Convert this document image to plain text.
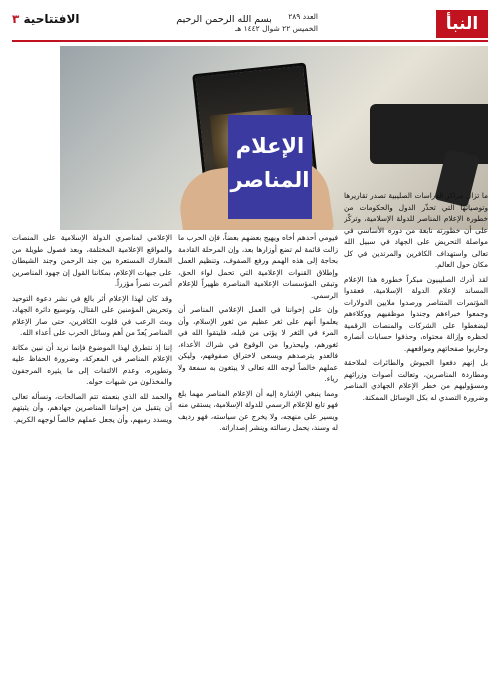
النبأ
العدد ٢٨٩
الخميس ٢٢ شوال ١٤٤٢ هـ
بسم الله الرحمن الرحيم
الافتتاحية ٣
الإعلام
المناصر

ما تزال مراكز الدراسات الصليبية تصدر تقاريرها وتوصياتها التي تحذّر الدول والحكومات من خطورة الإعلام المناصر للدولة الإسلامية، وتركّز على أن خطورته نابعة من دوره الأساسي في مواصلة التحريض على الجهاد في سبيل الله تعالى واستهداف الكافرين والمرتدين في كل مكان حول العالم.

لقد أدرك الصليبيون مبكراً خطورة هذا الإعلام المساند لإعلام الدولة الإسلامية، فعقدوا المؤتمرات المتناصر ورصدوا ملايين الدولارات وجمعوا خبراءهم وجندوا موظفيهم ووكلاءهم ليضغطوا على الشركات والمنصات الرقمية لحظره وإزالة محتواه، وحذفوا حسابات أنصاره وحاربوا صفحاتهم ومواقعهم.

بل إنهم دفعوا الجيوش والطائرات لملاحقة ومطاردة المناصرين، وتعالت أصوات وزرائهم ومسؤوليهم من خطر الإعلام الجهادي المناصر وضرورة التصدي له بكل الوسائل الممكنة.

فيومي أحدهم أخاه ويهيج بعضهم بعضاً، فإن الحرب ما زالت قائمة لم تضع أوزارها بعد، وإن المرحلة القادمة بحاجة إلى هذه الهمم ورفع الصفوف، وتنظيم العمل وإطلاق القنوات الإعلامية التي تحمل لواء الحق، وتبقى المؤسسات الإعلامية المناصرة ظهيراً للإعلام الرسمي.

وإن على إخواننا في العمل الإعلامي المناصر أن يعلموا أنهم على ثغر عظيم من ثغور الإسلام، وأن المرء في الثغر لا يؤتى من قبله، فليتقوا الله في ثغورهم، وليحذروا من الوقوع في شراك الأعداء، فالعدو يترصدهم ويسعى لاختراق صفوفهم، وليكن عملهم خالصاً لوجه الله تعالى لا يبتغون به سمعة ولا رياء.

ومما ينبغي الإشارة إليه أن الإعلام المناصر مهما بلغ فهو تابع للإعلام الرسمي للدولة الإسلامية، يستقي منه ويسير على منهجه، ولا يخرج عن سياسته، فهو رديف له وسند، يحمل رسالته وينشر إصداراته.

الإعلامي لمناصري الدولة الإسلامية على المنصات والمواقع الإعلامية المختلفة، وبعد فصول طويلة من المعارك المستعرة بين جند الرحمن وجند الشيطان على جبهات الإعلام، بمكاننا القول إن جهود المناصرين أثمرت نصراً مؤزراً.

وقد كان لهذا الإعلام أثر بالغ في نشر دعوة التوحيد وتحريض المؤمنين على القتال، وتوسيع دائرة الجهاد، وبث الرعب في قلوب الكافرين، حتى صار الإعلام المناصر يُعدّ من أهم وسائل الحرب على أعداء الله.

إننا إذ نتطرق لهذا الموضوع فإنما نريد أن نبين مكانة الإعلام المناصر في المعركة، وضرورة الحفاظ عليه وتطويره، وعدم الالتفات إلى ما يثيره المرجفون والمخذلون من شبهات حوله.

والحمد لله الذي بنعمته تتم الصالحات، ونسأله تعالى أن يتقبل من إخواننا المناصرين جهادهم، وأن يثبتهم ويسدد رميهم، وأن يجعل عملهم خالصاً لوجهه الكريم.
